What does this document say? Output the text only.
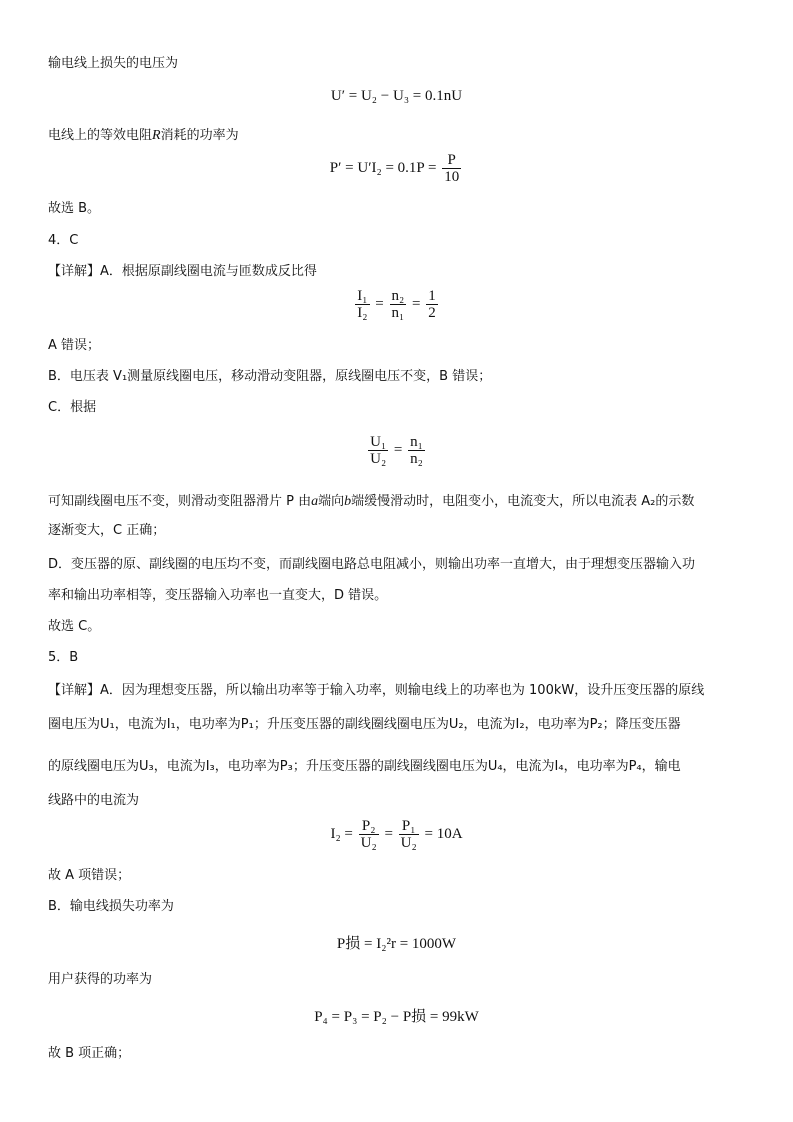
输电线上损失的电压为
U′ = U₂ − U₃ = 0.1nU
电线上的等效电阻R消耗的功率为
$P' = U'I_2 = 0.1P = \frac{P}{10}$
故选 B。
4．C
【详解】A．根据原副线圈电流与匝数成反比得
$\frac{\text{I₁}}{\text{I₂}} = \frac{\text{n₂}}{\text{n₁}} = \frac{1}{2}$
A 错误；
B．电压表 V₁测量原线圈电压，移动滑动变阻器，原线圈电压不变，B 错误；
C．根据
$\frac{\text{U₁}}{\text{U₂}} = \frac{\text{n₁}}{\text{n₂}}$
可知副线圈电压不变，则滑动变阻器滑片 P 由a端向b端缓慢滑动时，电阻变小，电流变大，所以电流表 A₂的示数
逐渐变大，C 正确；
D．变压器的原、副线圈的电压均不变，而副线圈电路总电阻减小，则输出功率一直增大，由于理想变压器输入功
率和输出功率相等，变压器输入功率也一直变大，D 错误。
故选 C。
5．B
【详解】A．因为理想变压器，所以输出功率等于输入功率，则输电线上的功率也为 100kW，设升压变压器的原线
圈电压为U₁，电流为I₁，电功率为P₁；升压变压器的副线圈线圈电压为U₂，电流为I₂，电功率为P₂；降压变压器
的原线圈电压为U₃，电流为I₃，电功率为P₃；升压变压器的副线圈线圈电压为U₄，电流为I₄，电功率为P₄，输电
线路中的电流为
$I_2 = \frac{\text{P₂}}{\text{U₂}} = \frac{\text{P₁}}{\text{U₂}} = 10A$
故 A 项错误；
B．输电线损失功率为
P损 = I₂²r = 1000W
用户获得的功率为
P₄ = P₃ = P₂ − P损 = 99kW
故 B 项正确；
